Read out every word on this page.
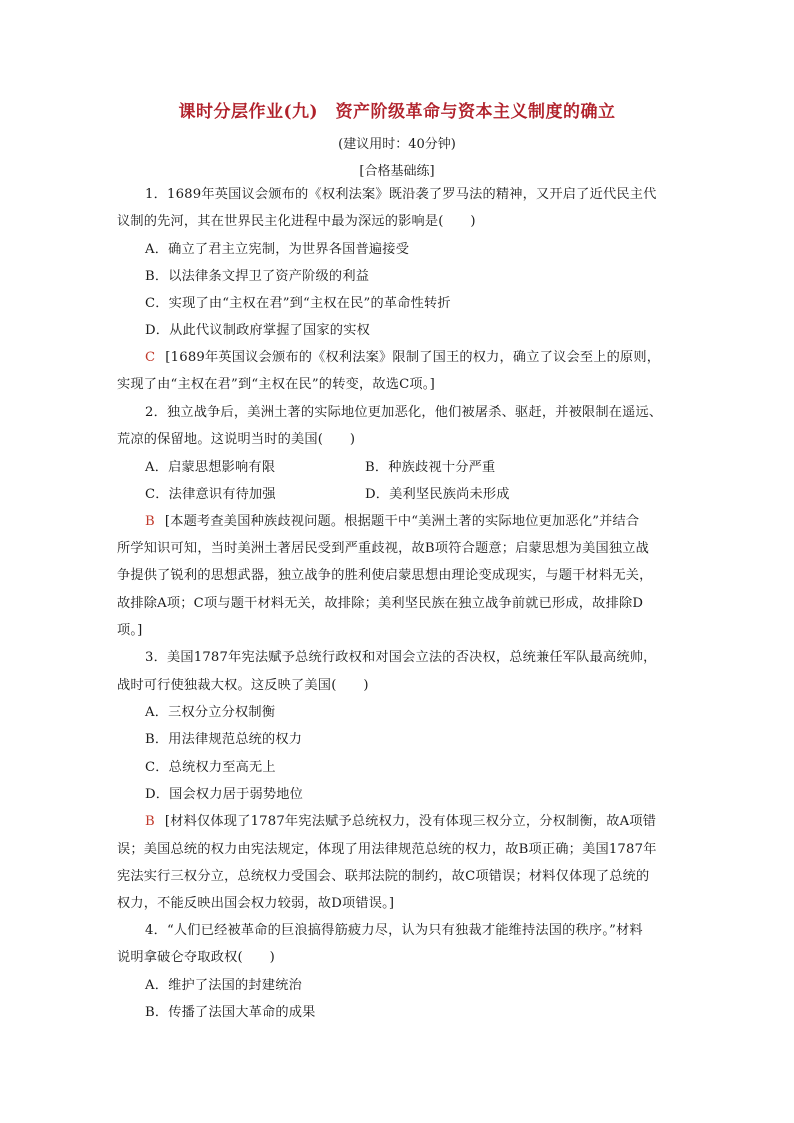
课时分层作业(九)　资产阶级革命与资本主义制度的确立
(建议用时：40分钟)
[合格基础练]
1．1689年英国议会颁布的《权利法案》既沿袭了罗马法的精神，又开启了近代民主代
议制的先河，其在世界民主化进程中最为深远的影响是(　　)
A．确立了君主立宪制，为世界各国普遍接受
B．以法律条文捍卫了资产阶级的利益
C．实现了由“主权在君”到“主权在民”的革命性转折
D．从此代议制政府掌握了国家的实权
C [1689年英国议会颁布的《权利法案》限制了国王的权力，确立了议会至上的原则，
实现了由“主权在君”到“主权在民”的转变，故选C项。]
2．独立战争后，美洲土著的实际地位更加恶化，他们被屠杀、驱赶，并被限制在遥远、
荒凉的保留地。这说明当时的美国(　　)
A．启蒙思想影响有限	B．种族歧视十分严重
C．法律意识有待加强	D．美利坚民族尚未形成
B [本题考查美国种族歧视问题。根据题干中“美洲土著的实际地位更加恶化”并结合
所学知识可知，当时美洲土著居民受到严重歧视，故B项符合题意；启蒙思想为美国独立战
争提供了锐利的思想武器，独立战争的胜利使启蒙思想由理论变成现实，与题干材料无关，
故排除A项；C项与题干材料无关，故排除；美利坚民族在独立战争前就已形成，故排除D
项。]
3．美国1787年宪法赋予总统行政权和对国会立法的否决权，总统兼任军队最高统帅，
战时可行使独裁大权。这反映了美国(　　)
A．三权分立分权制衡
B．用法律规范总统的权力
C．总统权力至高无上
D．国会权力居于弱势地位
B [材料仅体现了1787年宪法赋予总统权力，没有体现三权分立，分权制衡，故A项错
误；美国总统的权力由宪法规定，体现了用法律规范总统的权力，故B项正确；美国1787年
宪法实行三权分立，总统权力受国会、联邦法院的制约，故C项错误；材料仅体现了总统的
权力，不能反映出国会权力较弱，故D项错误。]
4．“人们已经被革命的巨浪搞得筋疲力尽，认为只有独裁才能维持法国的秩序。”材料
说明拿破仑夺取政权(　　)
A．维护了法国的封建统治
B．传播了法国大革命的成果
